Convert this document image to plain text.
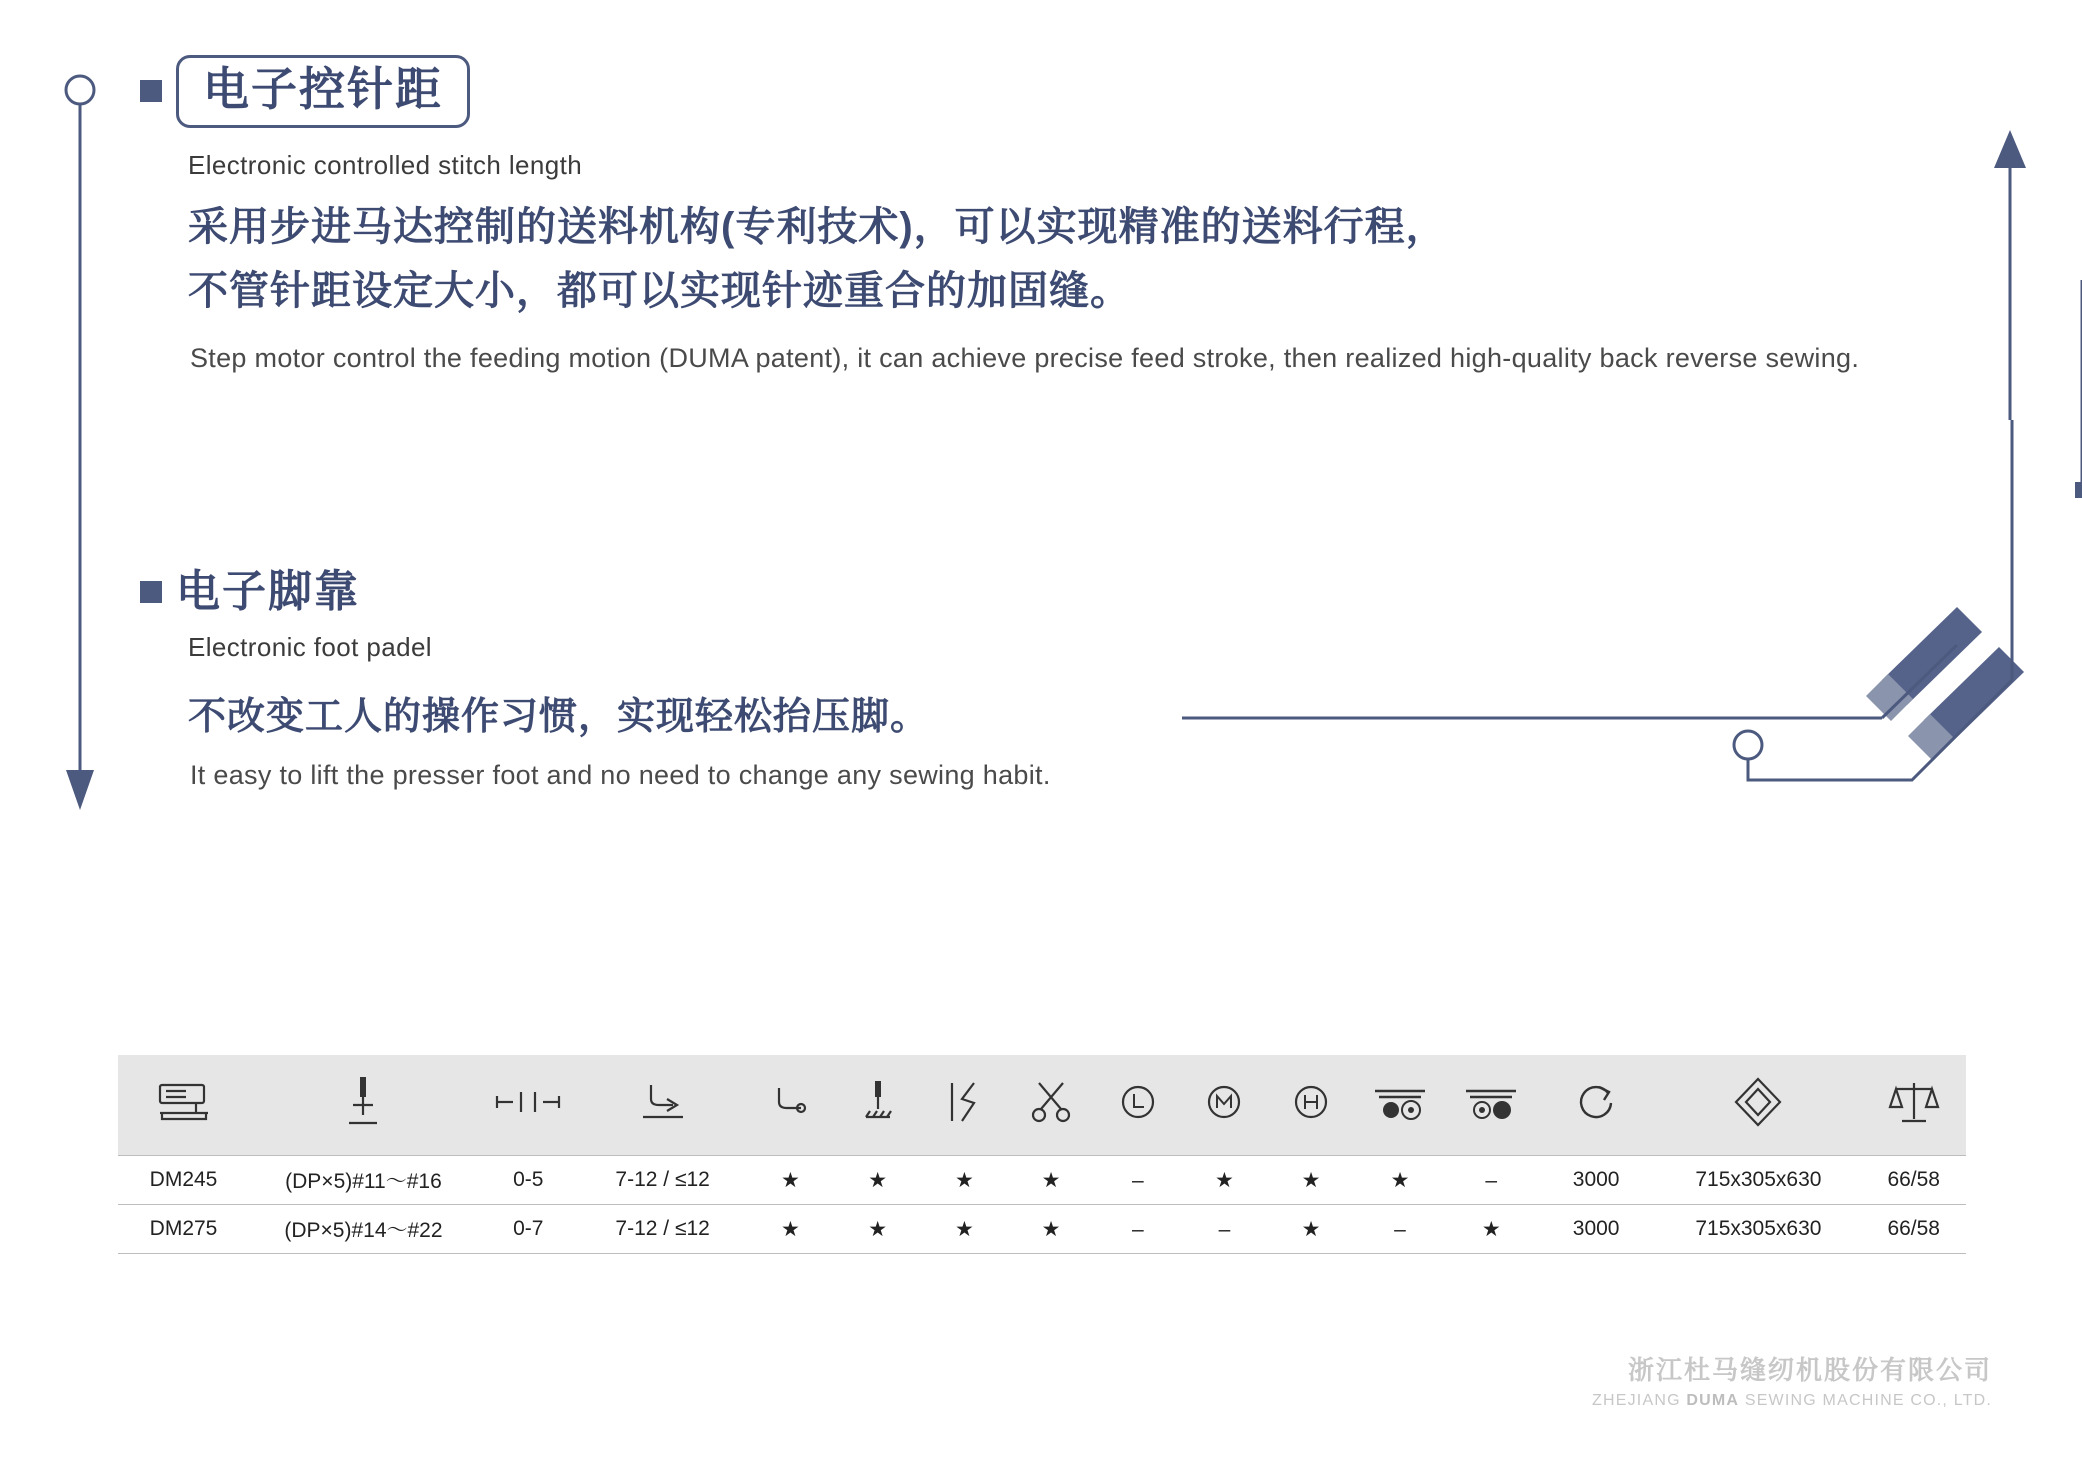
电子控针距
Electronic controlled stitch length
采用步进马达控制的送料机构(专利技术)，可以实现精准的送料行程，
不管针距设定大小，都可以实现针迹重合的加固缝。
Step motor control the feeding motion (DUMA patent), it can achieve precise feed stroke, then realized high-quality back reverse sewing.
电子脚靠
Electronic foot padel
不改变工人的操作习惯，实现轻松抬压脚。
It easy to lift the presser foot and no need to change any sewing habit.

DM245	(DP×5)#11～#16	0-5	7-12 / ≤12	★	★	★	★	–	★	★	★	–	3000	715x305x630	66/58
DM275	(DP×5)#14～#22	0-7	7-12 / ≤12	★	★	★	★	–	–	★	–	★	3000	715x305x630	66/58
浙江杜马缝纫机股份有限公司
ZHEJIANG DUMA SEWING MACHINE CO., LTD.
